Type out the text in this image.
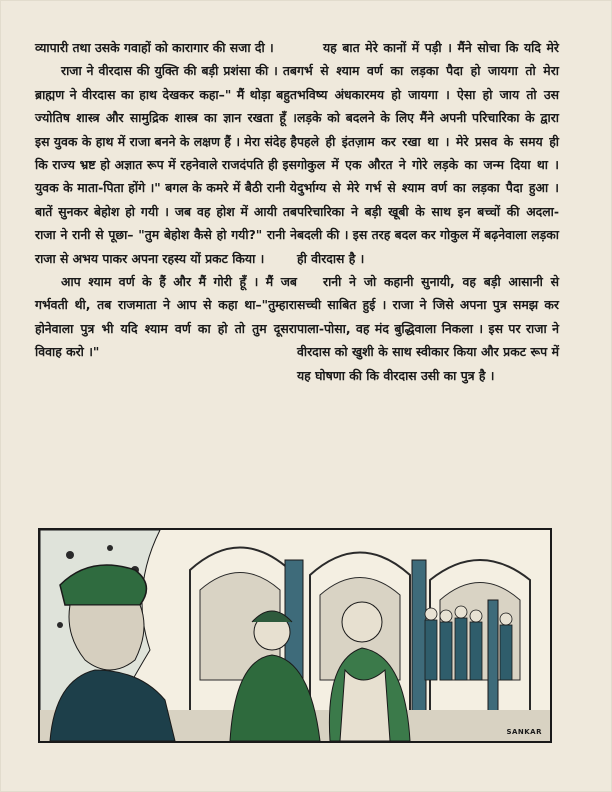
व्यापारी तथा उसके गवाहों को कारागार की सजा दी ।

राजा ने वीरदास की युक्ति की बड़ी प्रशंसा की । तब ब्राह्मण ने वीरदास का हाथ देखकर कहा–" मैं थोड़ा बहुत ज्योतिष शास्त्र और सामुद्रिक शास्त्र का ज्ञान रखता हूँ । इस युवक के हाथ में राजा बनने के लक्षण हैं । मेरा संदेह है कि राज्य भ्रष्ट हो अज्ञात रूप में रहनेवाले राजदंपति ही इस युवक के माता-पिता होंगे ।" बगल के कमरे में बैठी रानी ये बातें सुनकर बेहोश हो गयी । जब वह होश में आयी तब राजा ने रानी से पूछा– "तुम बेहोश कैसे हो गयी?" रानी ने राजा से अभय पाकर अपना रहस्य यों प्रकट किया ।

आप श्याम वर्ण के हैं और मैं गोरी हूँ । मैं जब गर्भवती थी, तब राजमाता ने आप से कहा था–"तुम्हारा होनेवाला पुत्र भी यदि श्याम वर्ण का हो तो तुम दूसरा विवाह करो ।"

यह बात मेरे कानों में पड़ी । मैंने सोचा कि यदि मेरे गर्भ से श्याम वर्ण का लड़का पैदा हो जायगा तो मेरा भविष्य अंधकारमय हो जायगा । ऐसा हो जाय तो उस लड़के को बदलने के लिए मैंने अपनी परिचारिका के द्वारा पहले ही इंतज़ाम कर रखा था । मेरे प्रसव के समय ही गोकुल में एक औरत ने गोरे लड़के का जन्म दिया था । दुर्भाग्य से मेरे गर्भ से श्याम वर्ण का लड़का पैदा हुआ । परिचारिका ने बड़ी खूबी के साथ इन बच्चों की अदला-बदली की । इस तरह बदल कर गोकुल में बढ़नेवाला लड़का ही वीरदास है ।

रानी ने जो कहानी सुनायी, वह बड़ी आसानी से सच्ची साबित हुई । राजा ने जिसे अपना पुत्र समझ कर पाला-पोसा, वह मंद बुद्धिवाला निकला । इस पर राजा ने वीरदास को खुशी के साथ स्वीकार किया और प्रकट रूप में यह घोषणा की कि वीरदास उसी का पुत्र है ।

SANKAR
